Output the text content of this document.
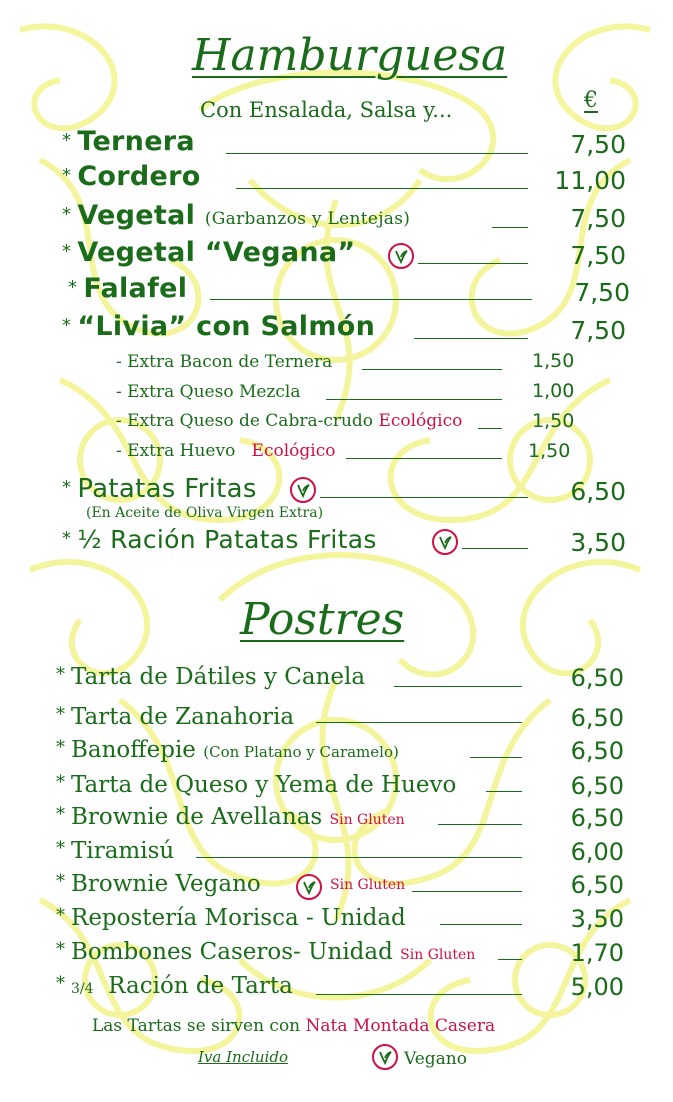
Hamburguesa
Con Ensalada, Salsa y...	€
* Ternera	7,50
* Cordero	11,00
* Vegetal (Garbanzos y Lentejas)	7,50
* Vegetal “Vegana”	7,50
* Falafel	7,50
* “Livia” con Salmón	7,50
- Extra Bacon de Ternera	1,50
- Extra Queso Mezcla	1,00
- Extra Queso de Cabra-crudo Ecológico	1,50
- Extra Huevo Ecológico	1,50
* Patatas Fritas	6,50
(En Aceite de Oliva Virgen Extra)
* ½ Ración Patatas Fritas	3,50
Postres
* Tarta de Dátiles y Canela	6,50
* Tarta de Zanahoria	6,50
* Banoffepie (Con Platano y Caramelo)	6,50
* Tarta de Queso y Yema de Huevo	6,50
* Brownie de Avellanas Sin Gluten	6,50
* Tiramisú	6,00
* Brownie Vegano	Sin Gluten	6,50
* Repostería Morisca - Unidad	3,50
* Bombones Caseros- Unidad Sin Gluten	1,70
* 3/4 Ración de Tarta	5,00
Las Tartas se sirven con Nata Montada Casera
Iva Incluido	Vegano
